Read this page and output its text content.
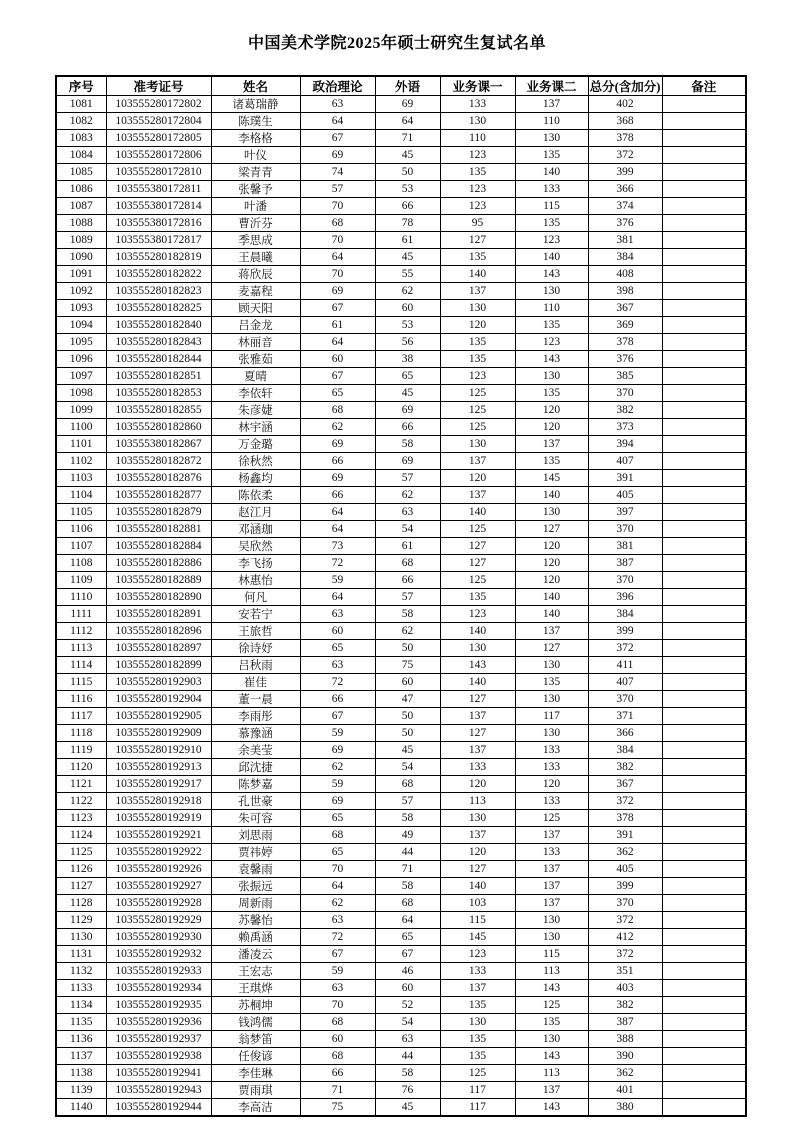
中国美术学院2025年硕士研究生复试名单
序号	准考证号	姓名	政治理论	外语	业务课一	业务课二	总分(含加分)	备注
1081	103555280172802	诸葛瑞静	63	69	133	137	402	
1082	103555280172804	陈璞生	64	64	130	110	368	
1083	103555280172805	李格格	67	71	110	130	378	
1084	103555280172806	叶仪	69	45	123	135	372	
1085	103555280172810	梁青青	74	50	135	140	399	
1086	103555380172811	张馨予	57	53	123	133	366	
1087	103555380172814	叶潘	70	66	123	115	374	
1088	103555380172816	曹沂芬	68	78	95	135	376	
1089	103555380172817	季思成	70	61	127	123	381	
1090	103555280182819	王晨曦	64	45	135	140	384	
1091	103555280182822	蒋欣辰	70	55	140	143	408	
1092	103555280182823	麦嘉程	69	62	137	130	398	
1093	103555280182825	顾天阳	67	60	130	110	367	
1094	103555280182840	吕金龙	61	53	120	135	369	
1095	103555280182843	林丽音	64	56	135	123	378	
1096	103555280182844	张雅茹	60	38	135	143	376	
1097	103555280182851	夏晴	67	65	123	130	385	
1098	103555280182853	李依轩	65	45	125	135	370	
1099	103555280182855	朱彦婕	68	69	125	120	382	
1100	103555280182860	林宇涵	62	66	125	120	373	
1101	103555380182867	万金璐	69	58	130	137	394	
1102	103555280182872	徐秋然	66	69	137	135	407	
1103	103555280182876	杨鑫均	69	57	120	145	391	
1104	103555280182877	陈依柔	66	62	137	140	405	
1105	103555280182879	赵江月	64	63	140	130	397	
1106	103555280182881	邓涵珈	64	54	125	127	370	
1107	103555280182884	吴欣然	73	61	127	120	381	
1108	103555280182886	李飞扬	72	68	127	120	387	
1109	103555280182889	林惠怡	59	66	125	120	370	
1110	103555280182890	何凡	64	57	135	140	396	
1111	103555280182891	安若宁	63	58	123	140	384	
1112	103555280182896	王旅哲	60	62	140	137	399	
1113	103555280182897	徐诗妤	65	50	130	127	372	
1114	103555280182899	吕秋雨	63	75	143	130	411	
1115	103555280192903	崔佳	72	60	140	135	407	
1116	103555280192904	董一晨	66	47	127	130	370	
1117	103555280192905	李雨彤	67	50	137	117	371	
1118	103555280192909	慕豫涵	59	50	127	130	366	
1119	103555280192910	余美莹	69	45	137	133	384	
1120	103555280192913	邱沈捷	62	54	133	133	382	
1121	103555280192917	陈梦嘉	59	68	120	120	367	
1122	103555280192918	孔世豪	69	57	113	133	372	
1123	103555280192919	朱可容	65	58	130	125	378	
1124	103555280192921	刘思雨	68	49	137	137	391	
1125	103555280192922	贾祎婷	65	44	120	133	362	
1126	103555280192926	袁馨雨	70	71	127	137	405	
1127	103555280192927	张振远	64	58	140	137	399	
1128	103555280192928	周新雨	62	68	103	137	370	
1129	103555280192929	苏馨怡	63	64	115	130	372	
1130	103555280192930	赖禹涵	72	65	145	130	412	
1131	103555280192932	潘凌云	67	67	123	115	372	
1132	103555280192933	王宏志	59	46	133	113	351	
1133	103555280192934	王琪烨	63	60	137	143	403	
1134	103555280192935	苏桐坤	70	52	135	125	382	
1135	103555280192936	钱鸿儒	68	54	130	135	387	
1136	103555280192937	翁梦笛	60	63	135	130	388	
1137	103555280192938	任俊谚	68	44	135	143	390	
1138	103555280192941	李佳琳	66	58	125	113	362	
1139	103555280192943	贾雨琪	71	76	117	137	401	
1140	103555280192944	李高洁	75	45	117	143	380	
